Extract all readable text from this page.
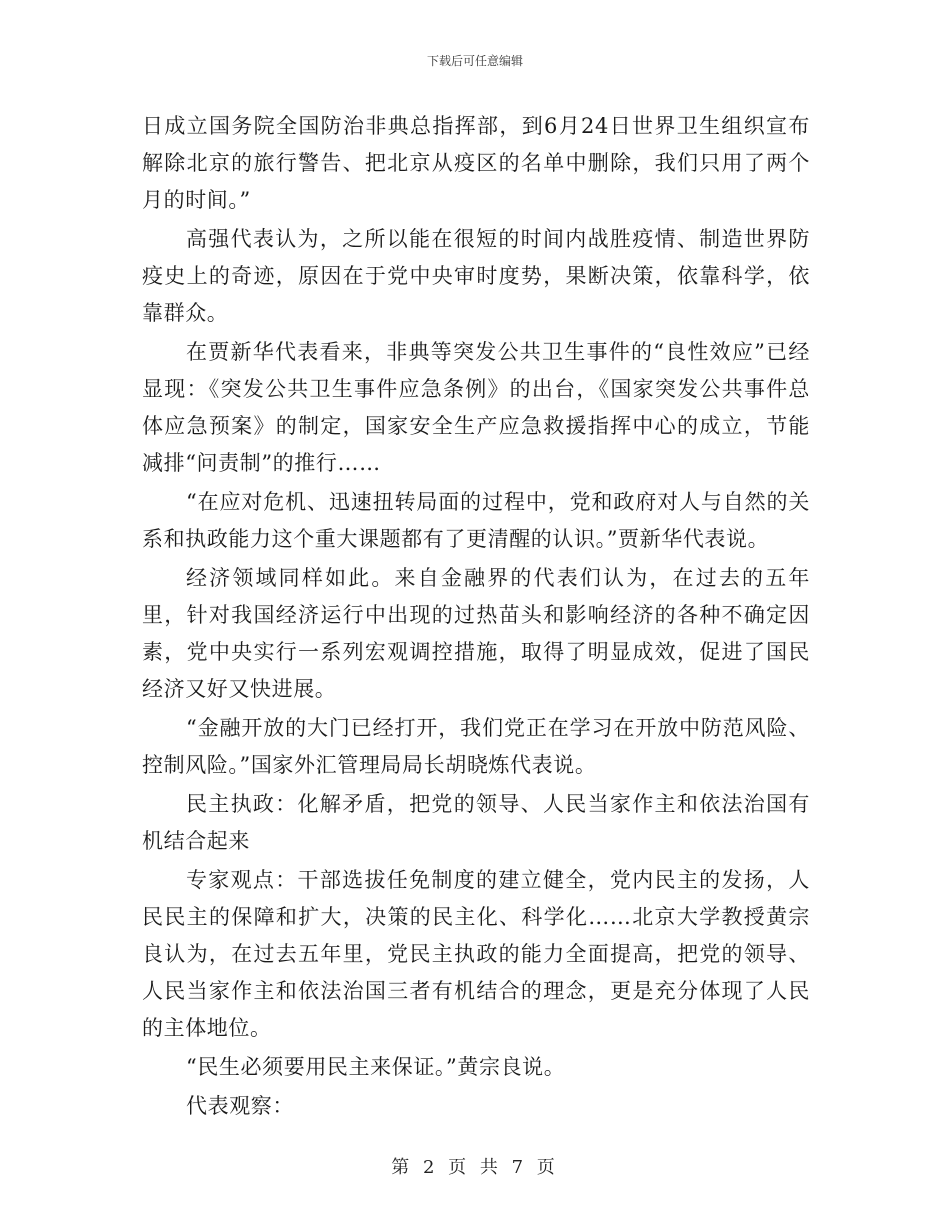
下载后可任意编辑

日成立国务院全国防治非典总指挥部，到6月24日世界卫生组织宣布解除北京的旅行警告、把北京从疫区的名单中删除，我们只用了两个月的时间。”

高强代表认为，之所以能在很短的时间内战胜疫情、制造世界防疫史上的奇迹，原因在于党中央审时度势，果断决策，依靠科学，依靠群众。

在贾新华代表看来，非典等突发公共卫生事件的“良性效应”已经显现：《突发公共卫生事件应急条例》的出台，《国家突发公共事件总体应急预案》的制定，国家安全生产应急救援指挥中心的成立，节能减排“问责制”的推行……

“在应对危机、迅速扭转局面的过程中，党和政府对人与自然的关系和执政能力这个重大课题都有了更清醒的认识。”贾新华代表说。

经济领域同样如此。来自金融界的代表们认为，在过去的五年里，针对我国经济运行中出现的过热苗头和影响经济的各种不确定因素，党中央实行一系列宏观调控措施，取得了明显成效，促进了国民经济又好又快进展。

“金融开放的大门已经打开，我们党正在学习在开放中防范风险、控制风险。”国家外汇管理局局长胡晓炼代表说。

民主执政：化解矛盾，把党的领导、人民当家作主和依法治国有机结合起来

专家观点：干部选拔任免制度的建立健全，党内民主的发扬，人民民主的保障和扩大，决策的民主化、科学化……北京大学教授黄宗良认为，在过去五年里，党民主执政的能力全面提高，把党的领导、人民当家作主和依法治国三者有机结合的理念，更是充分体现了人民的主体地位。

“民生必须要用民主来保证。”黄宗良说。

代表观察：

第 2 页 共 7 页
